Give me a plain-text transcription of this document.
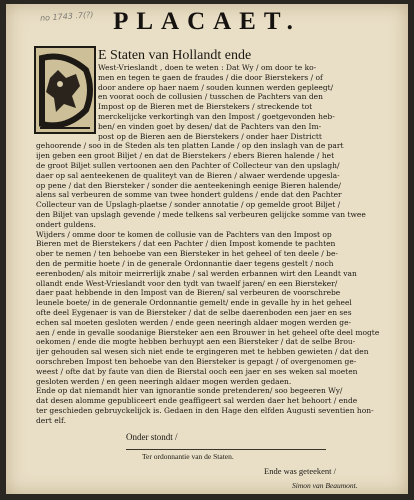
no 1743 .7(?) PLACAET.
E Staten van Hollandt ende
West-Vrieslandt , doen te weten : Dat Wy / om door te ko-
men en tegen te gaen de fraudes / die door Bierstekers / of
door andere op haer naem / souden kunnen werden gepleegt/
en voorat ooch de collusien / tusschen de Pachters van den
Impost op de Bieren met de Bierstekers / streckende tot
merckelijcke verkortingh van den Impost / goetgevonden heb-
ben/ en vinden goet by desen/ dat de Pachters van den Im-
post op de Bieren aen de Bierstekers / onder haer Districtt
gehoorende / soo in de Steden als ten platten Lande / op den inslagh van de part
ijen geben een groot Biljet / en dat de Bierstekers / ebers Bieren halende / het
de groot Biljet sullen vertoonen aen den Pachter of Collecteur van den upslagh/
daer op sal aenteekenen de qualiteyt van de Bieren / alwaer werdende upgesla-
op pene / dat den Biersteker / sonder die aenteekeningh eenige Bieren halende/
alens sal verbeuren de somme van twee hondert guldens / ende dat den Pachter
Collecteur van de Upslagh-plaetse / sonder annotatie / op gemelde groot Biljet /
den Biljet van upslagh gevende / mede telkens sal verbeuren gelijcke somme van twee
ondert guldens.
Wijders / omme door te komen de collusie van de Pachters van den Impost op
Bieren met de Bierstekers / dat een Pachter / dien Impost komende te pachten
ober te nemen / ten behoebe van een Biersteker in het geheel of ten deele / be-
den de permitie hoete / in de generale Ordonnantie daer tegens gestelt / noch
eerenboden/ als mitoir meirrerlijk znabe / sal werden erbannen wirt den Leandt van
ollandt ende West-Vrieslandt voor den tydt van twaelf jaren/ en een Biersteker/
daer paat hebbende in den Impost van de Bieren/ sal verbeuren de voorschrebe
leunele boete/ in de generale Ordonnantie gemelt/ ende in gevalle hy in het geheel
ofte deel Eygenaer is van de Biersteker / dat de selbe daerenboden een jaer en ses
echen sal moeten gesloten werden / ende geen neeringh aldaer mogen werden ge-
aen / ende in gevalle soodanige Biersteker aen een Brouwer in het geheel ofte deel mogte
oekomen / ende die mogte hebben berhuypt aen een Biersteker / dat de selbe Brou-
ijer gehouden sal wesen sich niet ende te ergingeren met te hebben gewieten / dat den
oorschreben Impost ten behoebe van den Biersteker is gepagt / of overgenomen ge-
weest / ofte dat by faute van dien de Bierstal ooch een jaer en ses weken sal moeten
gesloten werden / en geen neeringh aldaer mogen werden gedaen.
Ende op dat niemandt hier van ignorantie sonde pretenderen/ soo begeeren Wy/
dat desen alomme gepubliceert ende geaffigeert sal werden daer het behoort / ende
ter geschieden gebruyckelijck is. Gedaen in den Hage den elfden Augusti seventien hon-
dert elf.
Onder stondt /
Ter ordonnantie van de Staten.
Ende was geteekent /
Simon van Beaumont.
